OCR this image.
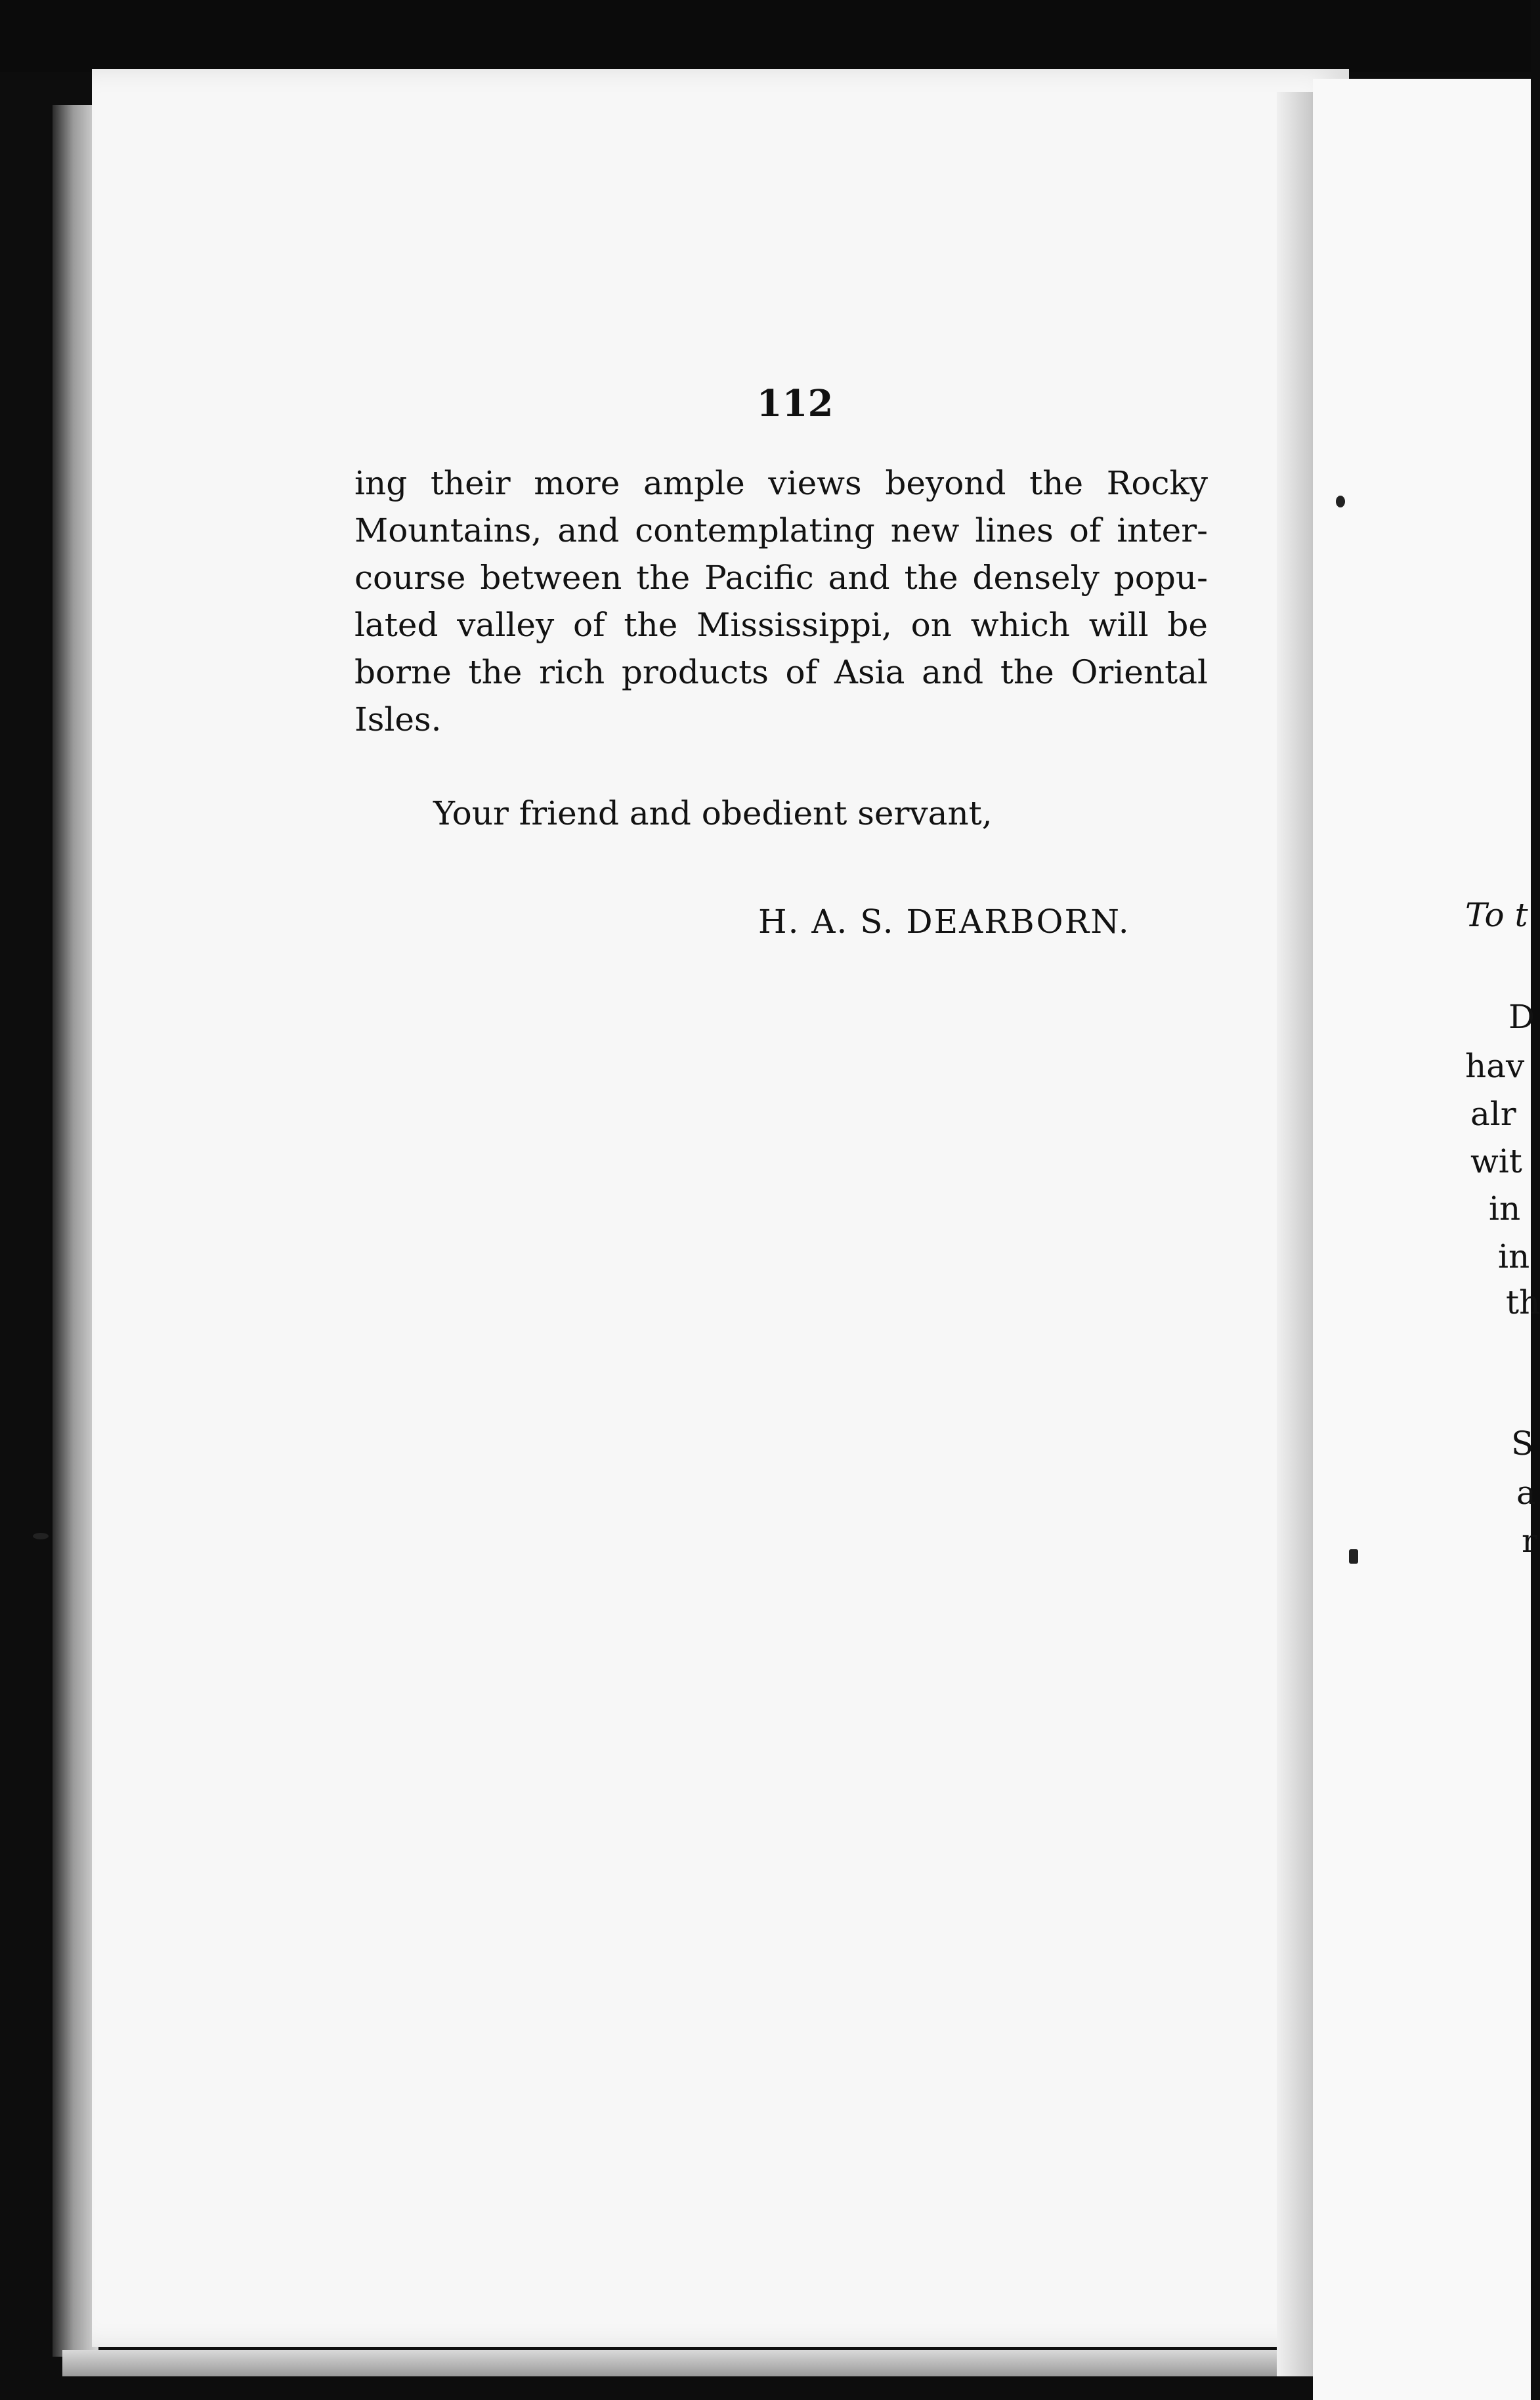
112

ing their more ample views beyond the Rocky
Mountains, and contemplating new lines of inter-
course between the Pacific and the densely popu-
lated valley of the Mississippi, on which will be
borne the rich products of Asia and the Oriental
Isles.

Your friend and obedient servant,

H. A. S. DEARBORN.	To t

D

hav

alr

wit

in

in

th

S

a

r
